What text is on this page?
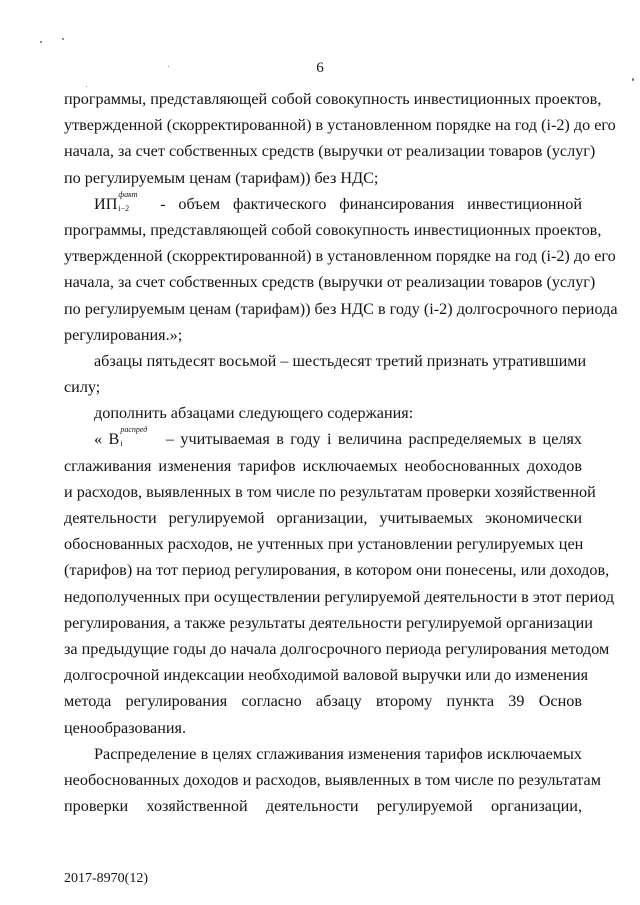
6
программы, представляющей собой совокупность инвестиционных проектов,
утвержденной (скорректированной) в установленном порядке на год (i-2) до его
начала, за счет собственных средств (выручки от реализации товаров (услуг)
по регулируемым ценам (тарифам)) без НДС;
ИП
факт
i−2 - объем фактического финансирования инвестиционной
программы, представляющей собой совокупность инвестиционных проектов,
утвержденной (скорректированной) в установленном порядке на год (i-2) до его
начала, за счет собственных средств (выручки от реализации товаров (услуг)
по регулируемым ценам (тарифам)) без НДС в году (i-2) долгосрочного периода
регулирования.»;
абзацы пятьдесят восьмой – шестьдесят третий признать утратившими
силу;
дополнить абзацами следующего содержания:
« B
распред
i	– учитываемая в году i величина распределяемых в целях
сглаживания изменения тарифов исключаемых необоснованных доходов
и расходов, выявленных в том числе по результатам проверки хозяйственной
деятельности регулируемой организации, учитываемых экономически
обоснованных расходов, не учтенных при установлении регулируемых цен
(тарифов) на тот период регулирования, в котором они понесены, или доходов,
недополученных при осуществлении регулируемой деятельности в этот период
регулирования, а также результаты деятельности регулируемой организации
за предыдущие годы до начала долгосрочного периода регулирования методом
долгосрочной индексации необходимой валовой выручки или до изменения
метода регулирования согласно абзацу второму пункта 39 Основ
ценообразования.
Распределение в целях сглаживания изменения тарифов исключаемых
необоснованных доходов и расходов, выявленных в том числе по результатам
проверки хозяйственной деятельности регулируемой организации,
2017-8970(12)
